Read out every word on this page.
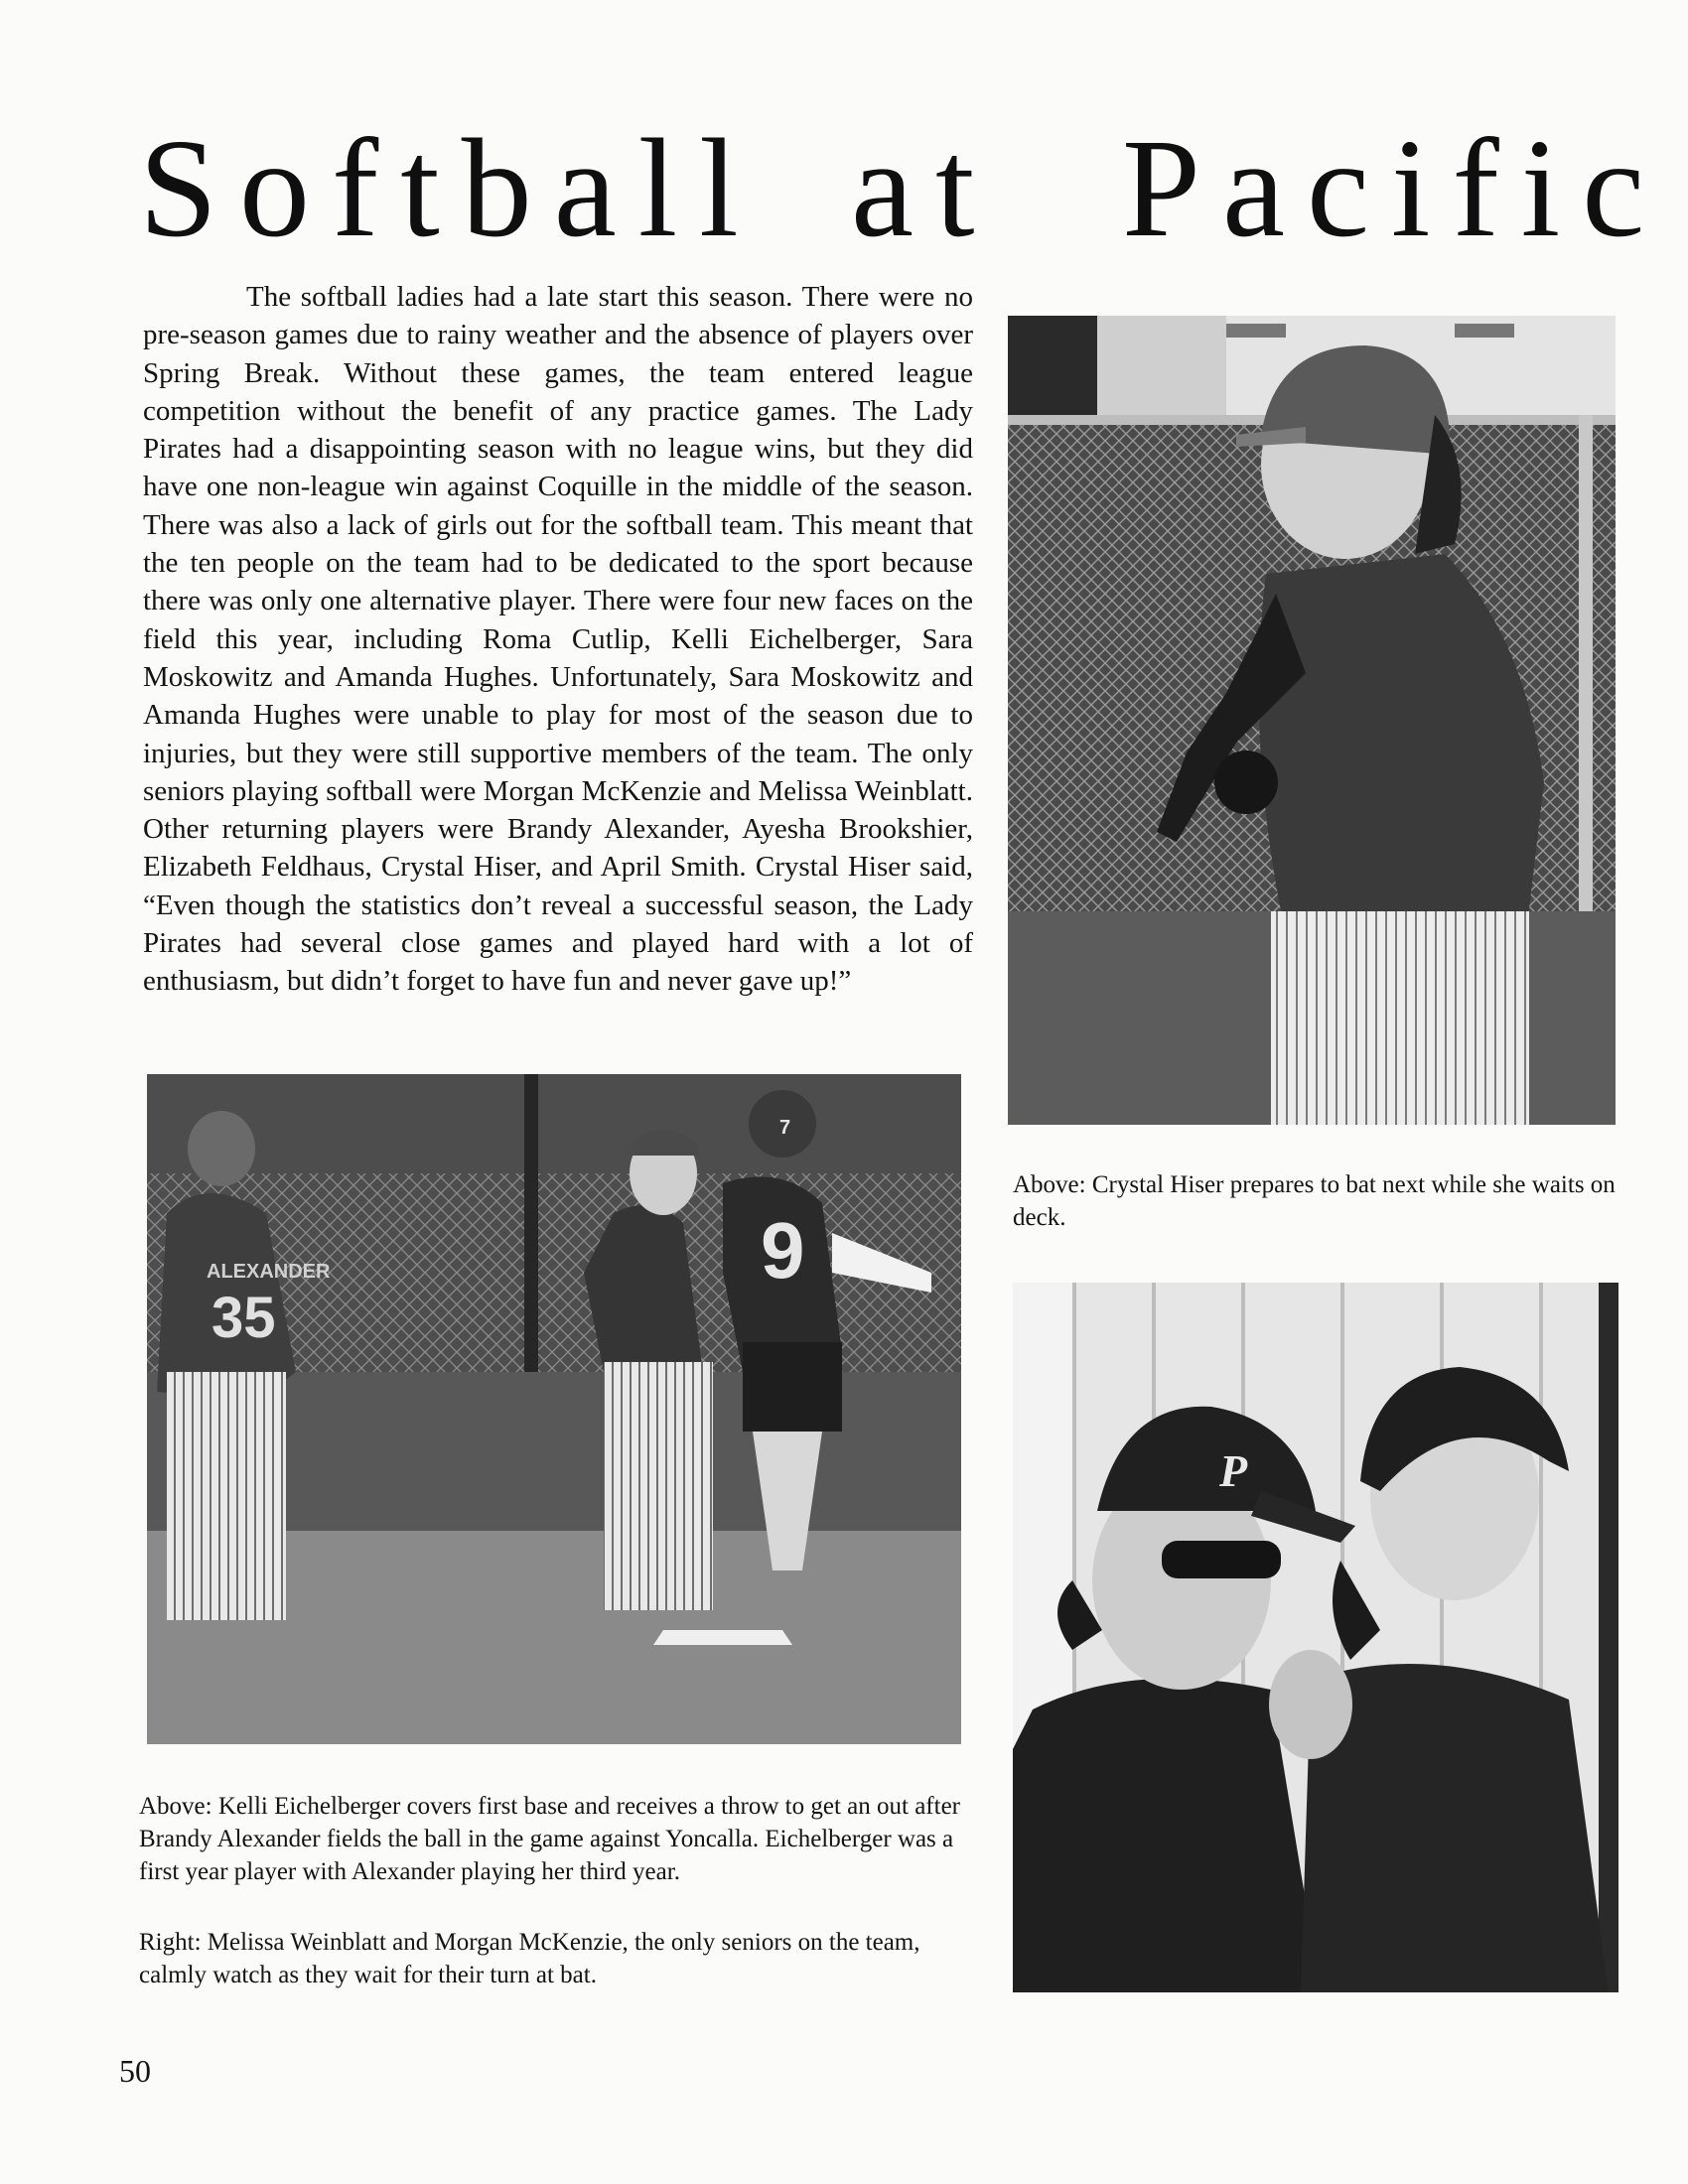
Softball at Pacific

The softball ladies had a late start this season. There were no pre-season games due to rainy weather and the absence of players over Spring Break. Without these games, the team entered league competition without the benefit of any practice games. The Lady Pirates had a disappointing season with no league wins, but they did have one non-league win against Coquille in the middle of the season. There was also a lack of girls out for the softball team. This meant that the ten people on the team had to be dedicated to the sport because there was only one alternative player. There were four new faces on the field this year, including Roma Cutlip, Kelli Eichelberger, Sara Moskowitz and Amanda Hughes. Unfortunately, Sara Moskowitz and Amanda Hughes were unable to play for most of the season due to injuries, but they were still supportive members of the team. The only seniors playing softball were Morgan McKenzie and Melissa Weinblatt. Other returning players were Brandy Alexander, Ayesha Brookshier, Elizabeth Feldhaus, Crystal Hiser, and April Smith. Crystal Hiser said, “Even though the statistics don’t reveal a successful season, the Lady Pirates had several close games and played hard with a lot of enthusiasm, but didn’t forget to have fun and never gave up!”

Above: Crystal Hiser prepares to bat next while she waits on deck.

ALEXANDER
35
9
7

Above: Kelli Eichelberger covers first base and receives a throw to get an out after Brandy Alexander fields the ball in the game against Yoncalla. Eichelberger was a first year player with Alexander playing her third year.

P

Right: Melissa Weinblatt and Morgan McKenzie, the only seniors on the team, calmly watch as they wait for their turn at bat.

50
